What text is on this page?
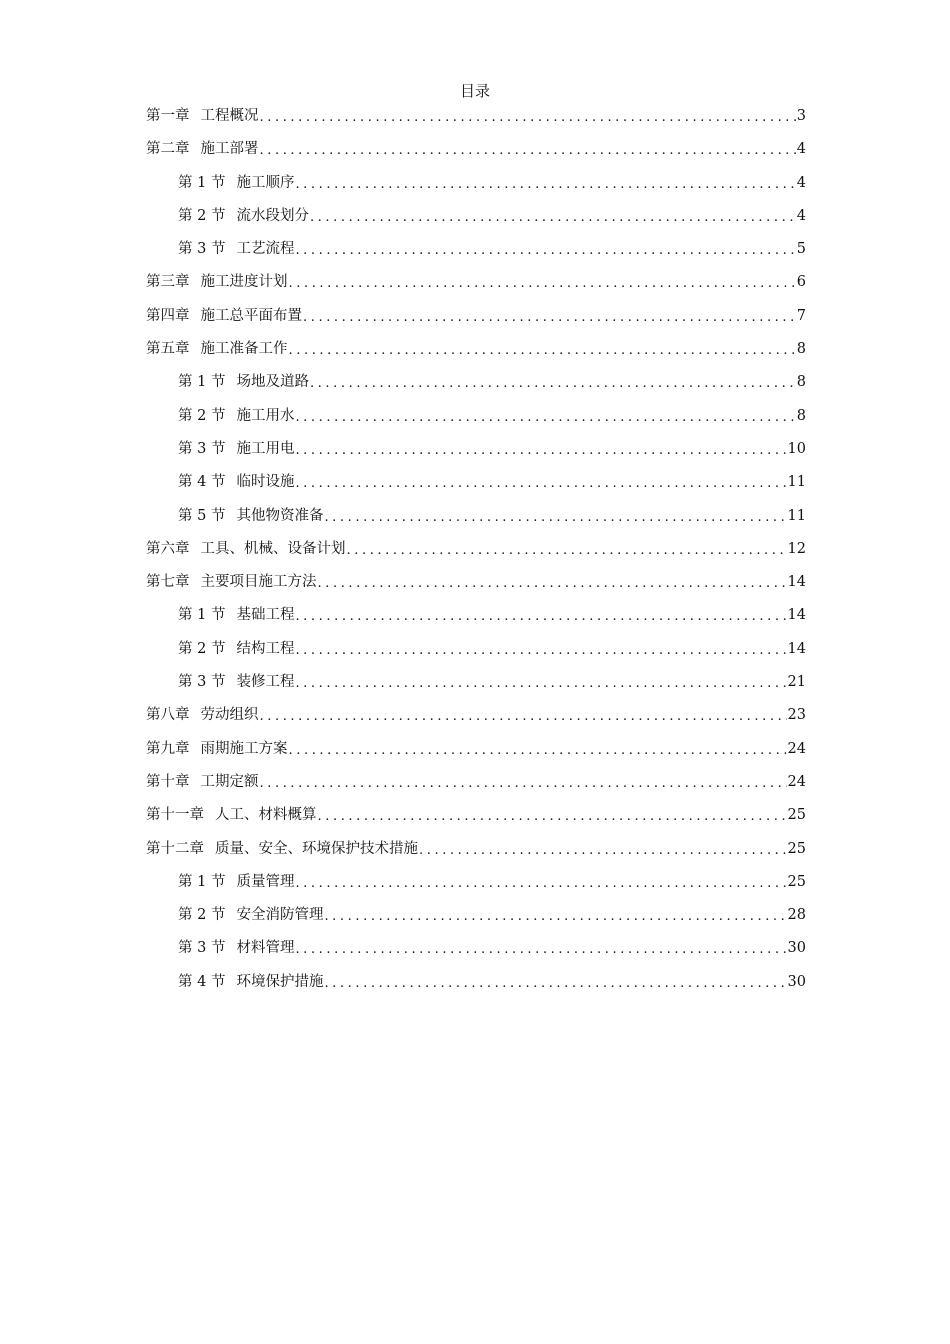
目录
第一章 工程概况 .....	3
第二章 施工部署 .....	4
第 1 节 施工顺序 .....	4
第 2 节 流水段划分 .....	4
第 3 节 工艺流程 .....	5
第三章 施工进度计划 .....	6
第四章 施工总平面布置 .....	7
第五章 施工准备工作 .....	8
第 1 节 场地及道路 .....	8
第 2 节 施工用水 .....	8
第 3 节 施工用电 .....	10
第 4 节 临时设施 .....	11
第 5 节 其他物资准备 .....	11
第六章 工具、机械、设备计划 .....	12
第七章 主要项目施工方法 .....	14
第 1 节 基础工程 .....	14
第 2 节 结构工程 .....	14
第 3 节 装修工程 .....	21
第八章 劳动组织 .....	23
第九章 雨期施工方案 .....	24
第十章 工期定额 .....	24
第十一章 人工、材料概算 .....	25
第十二章 质量、安全、环境保护技术措施 .....	25
第 1 节 质量管理 .....	25
第 2 节 安全消防管理 .....	28
第 3 节 材料管理 .....	30
第 4 节 环境保护措施 .....	30
